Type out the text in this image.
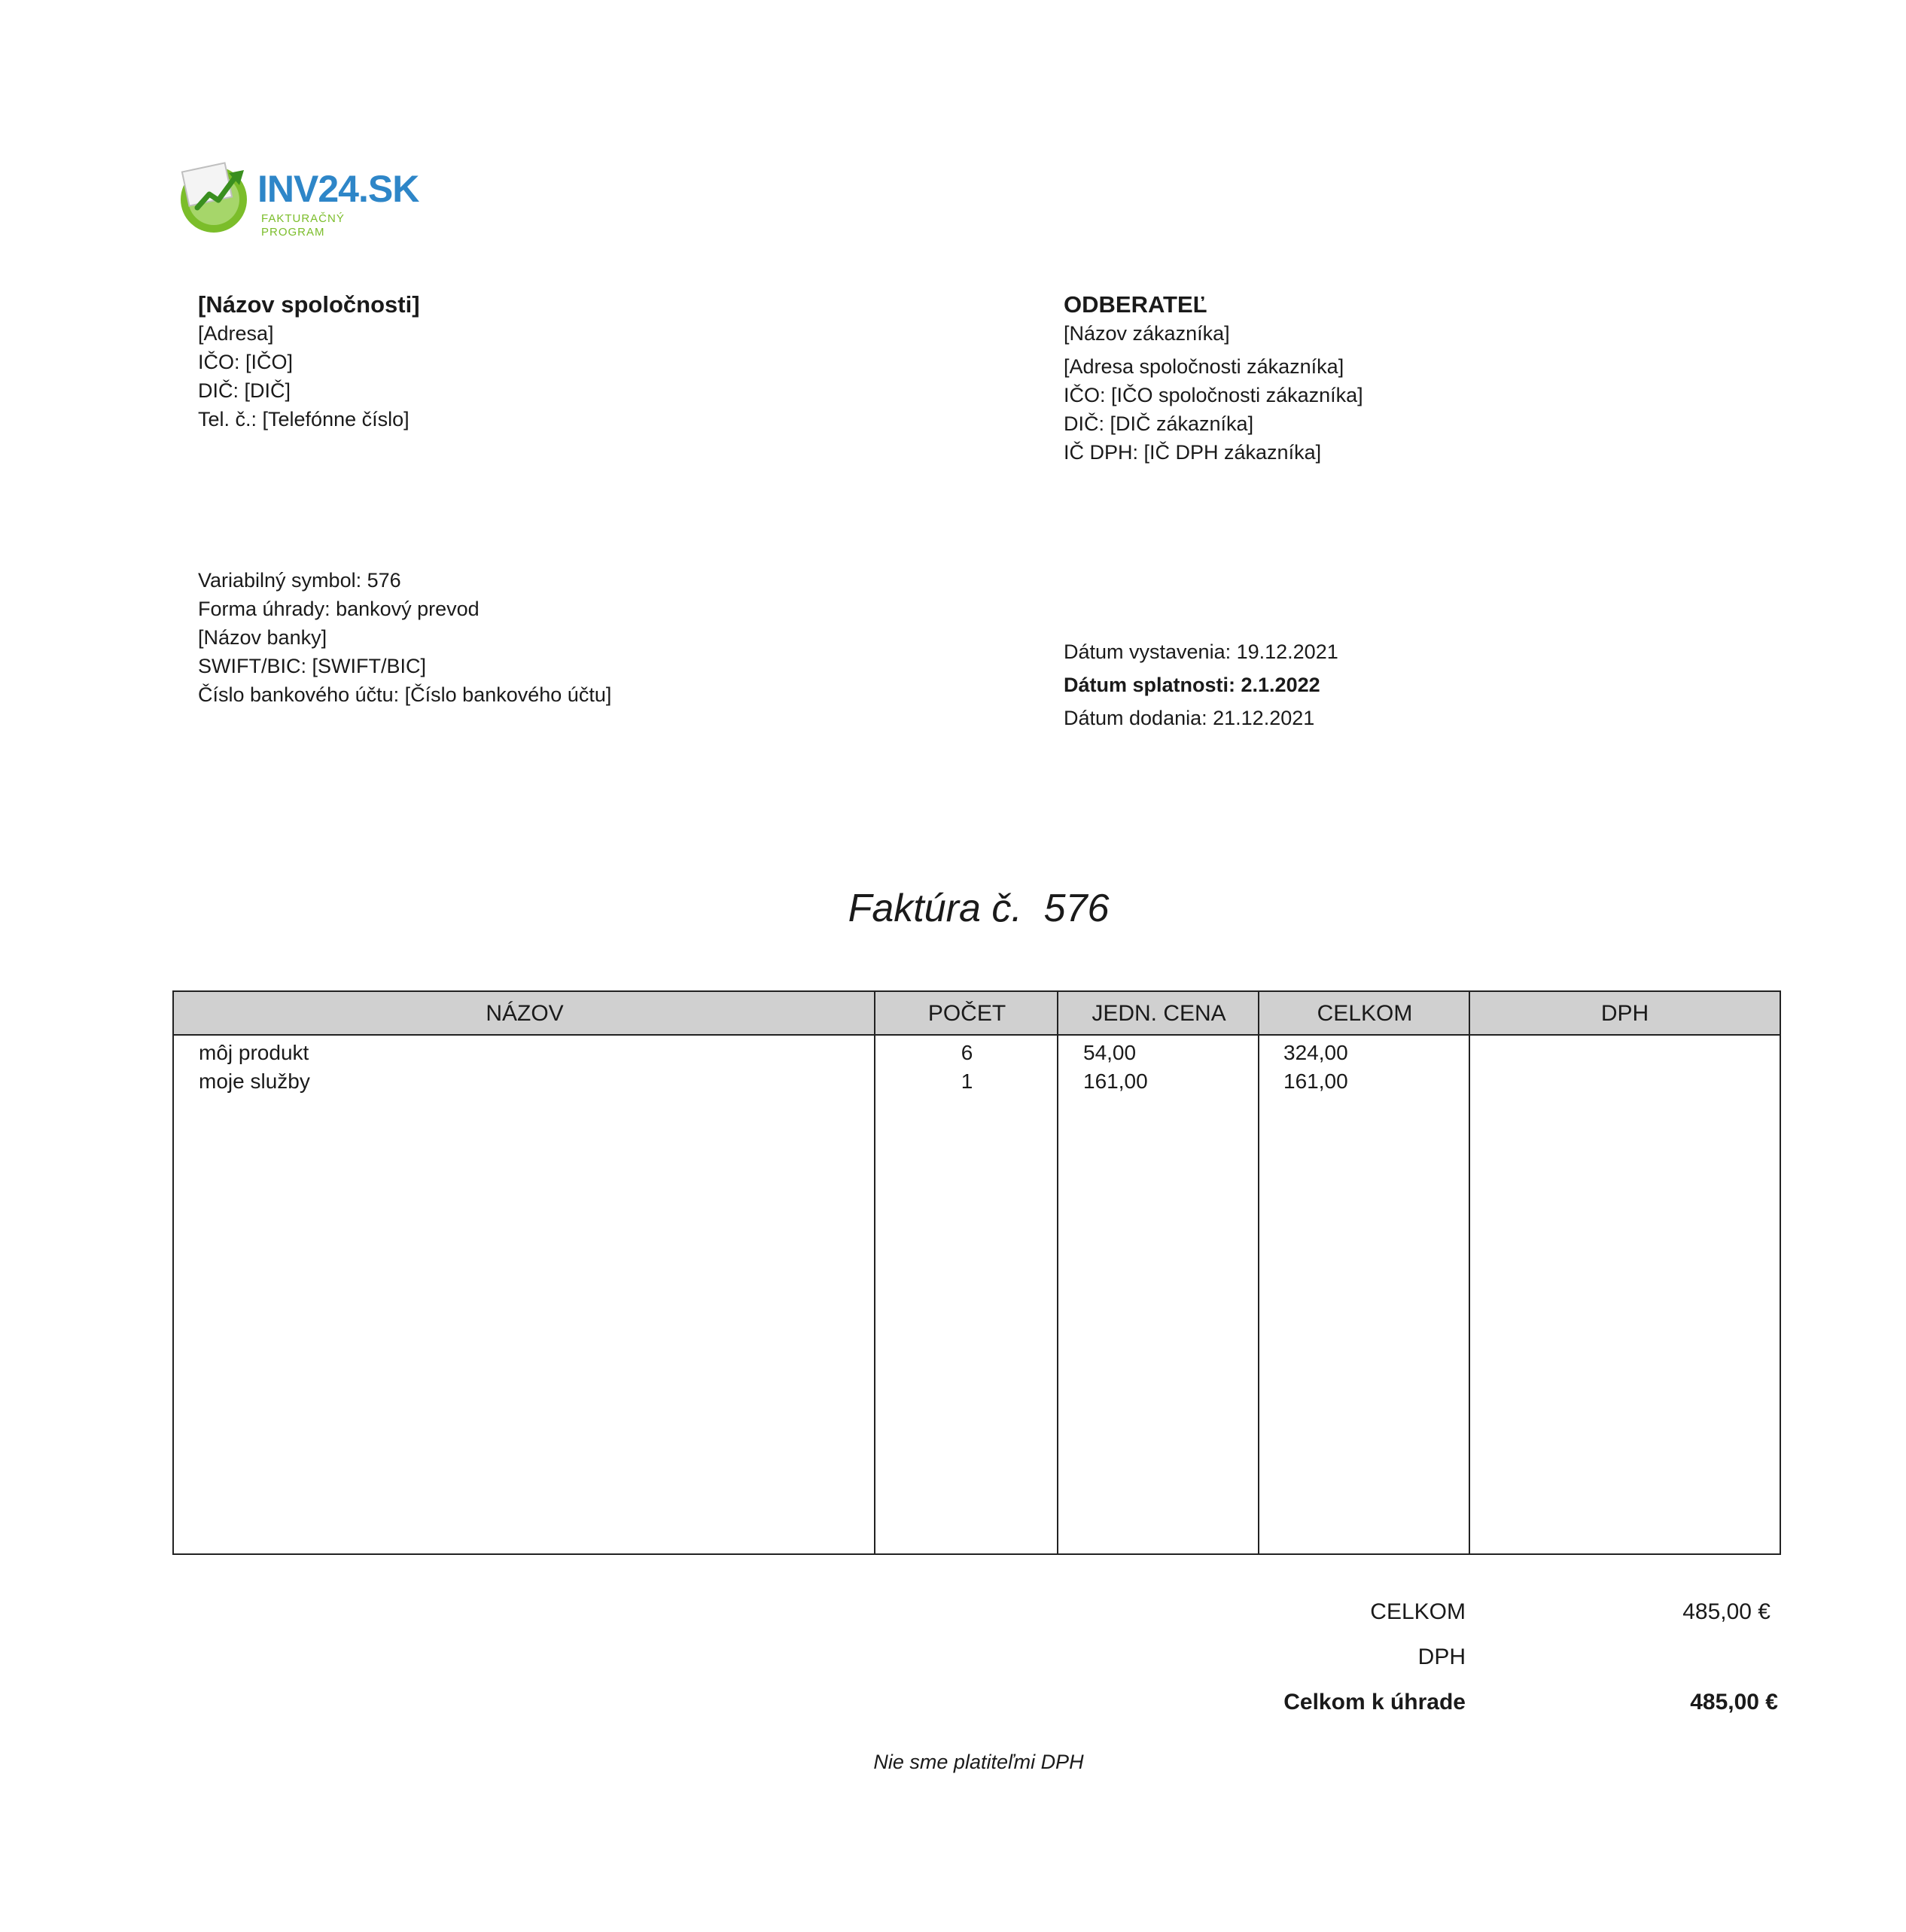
INV24.SK
FAKTURAČNÝ PROGRAM
[Názov spoločnosti]
[Adresa]
IČO: [IČO]
DIČ: [DIČ]
Tel. č.: [Telefónne číslo]
ODBERATEĽ
[Názov zákazníka]
[Adresa spoločnosti zákazníka]
IČO: [IČO spoločnosti zákazníka]
DIČ: [DIČ zákazníka]
IČ DPH: [IČ DPH zákazníka]
Variabilný symbol: 576
Forma úhrady: bankový prevod
[Názov banky]
SWIFT/BIC: [SWIFT/BIC]
Číslo bankového účtu: [Číslo bankového účtu]
Dátum vystavenia: 19.12.2021
Dátum splatnosti: 2.1.2022
Dátum dodania: 21.12.2021
Faktúra č.  576
NÁZOV	POČET	JEDN. CENA	CELKOM	DPH
môj produkt	6	54,00	324,00
moje služby	1	161,00	161,00
CELKOM	485,00 €
DPH
Celkom k úhrade	485,00 €
Nie sme platiteľmi DPH
